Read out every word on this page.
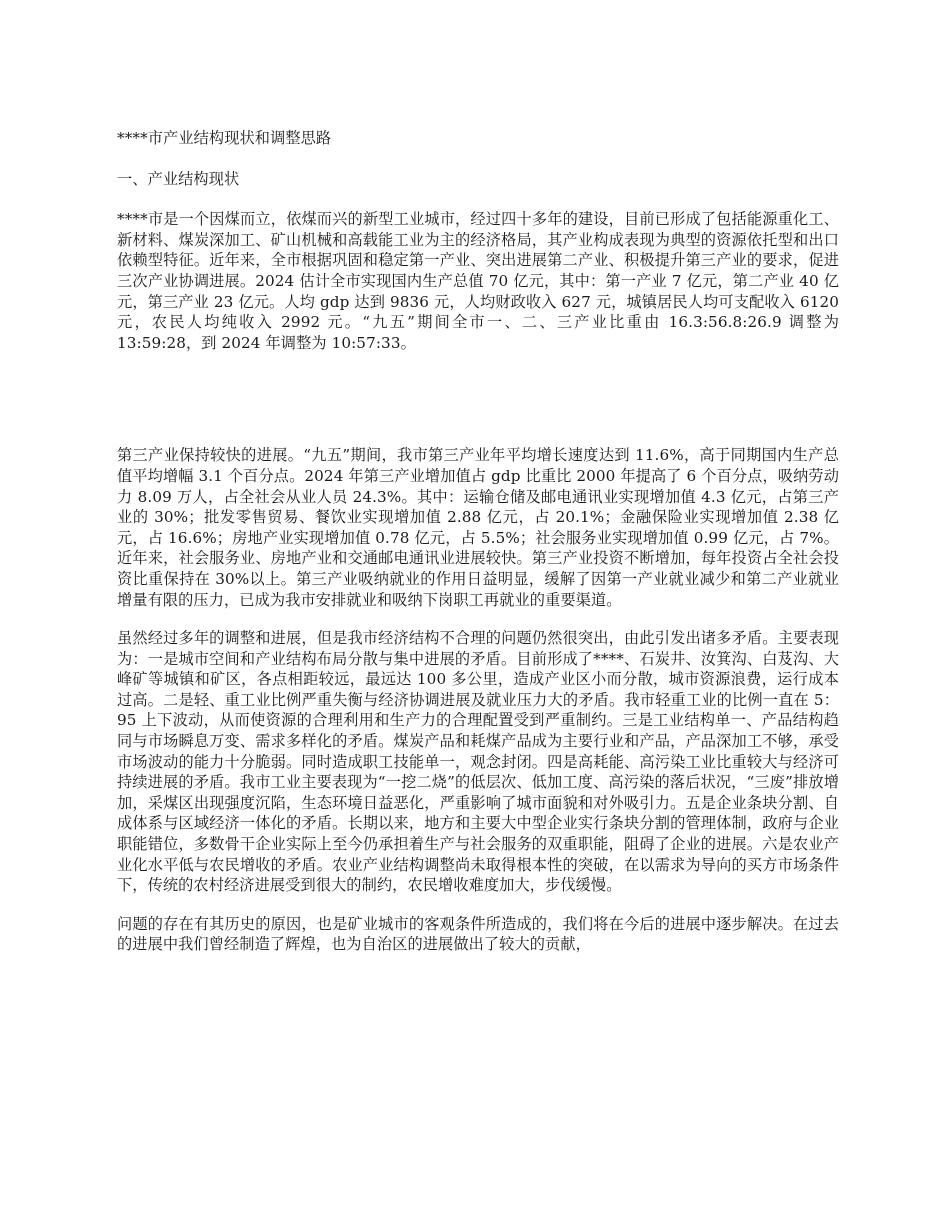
****市产业结构现状和调整思路

一、产业结构现状

****市是一个因煤而立，依煤而兴的新型工业城市，经过四十多年的建设，目前已形成了包括能源重化工、新材料、煤炭深加工、矿山机械和高载能工业为主的经济格局，其产业构成表现为典型的资源依托型和出口依赖型特征。近年来，全市根据巩固和稳定第一产业、突出进展第二产业、积极提升第三产业的要求，促进三次产业协调进展。2024 估计全市实现国内生产总值 70 亿元，其中：第一产业 7 亿元，第二产业 40 亿元，第三产业 23 亿元。人均 gdp 达到 9836 元，人均财政收入 627 元，城镇居民人均可支配收入 6120 元，农民人均纯收入 2992 元。“九五”期间全市一、二、三产业比重由 16.3:56.8:26.9 调整为 13:59:28，到 2024 年调整为 10:57:33。

第三产业保持较快的进展。“九五”期间，我市第三产业年平均增长速度达到 11.6%，高于同期国内生产总值平均增幅 3.1 个百分点。2024 年第三产业增加值占 gdp 比重比 2000 年提高了 6 个百分点，吸纳劳动力 8.09 万人，占全社会从业人员 24.3%。其中：运输仓储及邮电通讯业实现增加值 4.3 亿元，占第三产业的 30%；批发零售贸易、餐饮业实现增加值 2.88 亿元，占 20.1%；金融保险业实现增加值 2.38 亿元，占 16.6%；房地产业实现增加值 0.78 亿元，占 5.5%；社会服务业实现增加值 0.99 亿元，占 7%。近年来，社会服务业、房地产业和交通邮电通讯业进展较快。第三产业投资不断增加，每年投资占全社会投资比重保持在 30%以上。第三产业吸纳就业的作用日益明显，缓解了因第一产业就业减少和第二产业就业增量有限的压力，已成为我市安排就业和吸纳下岗职工再就业的重要渠道。

虽然经过多年的调整和进展，但是我市经济结构不合理的问题仍然很突出，由此引发出诸多矛盾。主要表现为：一是城市空间和产业结构布局分散与集中进展的矛盾。目前形成了****、石炭井、汝箕沟、白芨沟、大峰矿等城镇和矿区，各点相距较远，最远达 100 多公里，造成产业区小而分散，城市资源浪费，运行成本过高。二是轻、重工业比例严重失衡与经济协调进展及就业压力大的矛盾。我市轻重工业的比例一直在 5：95 上下波动，从而使资源的合理利用和生产力的合理配置受到严重制约。三是工业结构单一、产品结构趋同与市场瞬息万变、需求多样化的矛盾。煤炭产品和耗煤产品成为主要行业和产品，产品深加工不够，承受市场波动的能力十分脆弱。同时造成职工技能单一，观念封闭。四是高耗能、高污染工业比重较大与经济可持续进展的矛盾。我市工业主要表现为“一挖二烧”的低层次、低加工度、高污染的落后状况，“三废”排放增加，采煤区出现强度沉陷，生态环境日益恶化，严重影响了城市面貌和对外吸引力。五是企业条块分割、自成体系与区域经济一体化的矛盾。长期以来，地方和主要大中型企业实行条块分割的管理体制，政府与企业职能错位，多数骨干企业实际上至今仍承担着生产与社会服务的双重职能，阻碍了企业的进展。六是农业产业化水平低与农民增收的矛盾。农业产业结构调整尚未取得根本性的突破，在以需求为导向的买方市场条件下，传统的农村经济进展受到很大的制约，农民增收难度加大，步伐缓慢。

问题的存在有其历史的原因，也是矿业城市的客观条件所造成的，我们将在今后的进展中逐步解决。在过去的进展中我们曾经制造了辉煌，也为自治区的进展做出了较大的贡献，
